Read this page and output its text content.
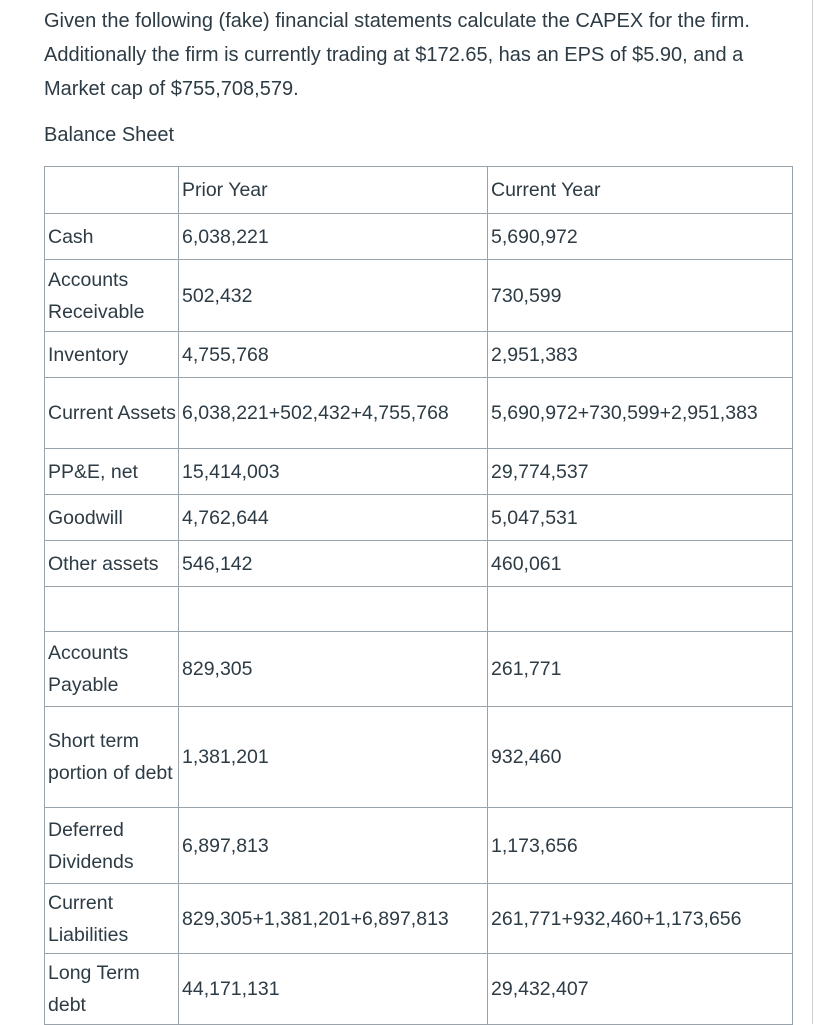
Given the following (fake) financial statements calculate the CAPEX for the firm. Additionally the firm is currently trading at $172.65, has an EPS of $5.90, and a Market cap of $755,708,579.

Balance Sheet

	Prior Year	Current Year
Cash	6,038,221	5,690,972
Accounts Receivable	502,432	730,599
Inventory	4,755,768	2,951,383
Current Assets	6,038,221+502,432+4,755,768	5,690,972+730,599+2,951,383
PP&E, net	15,414,003	29,774,537
Goodwill	4,762,644	5,047,531
Other assets	546,142	460,061

Accounts Payable	829,305	261,771
Short term portion of debt	1,381,201	932,460
Deferred Dividends	6,897,813	1,173,656
Current Liabilities	829,305+1,381,201+6,897,813	261,771+932,460+1,173,656
Long Term debt	44,171,131	29,432,407
